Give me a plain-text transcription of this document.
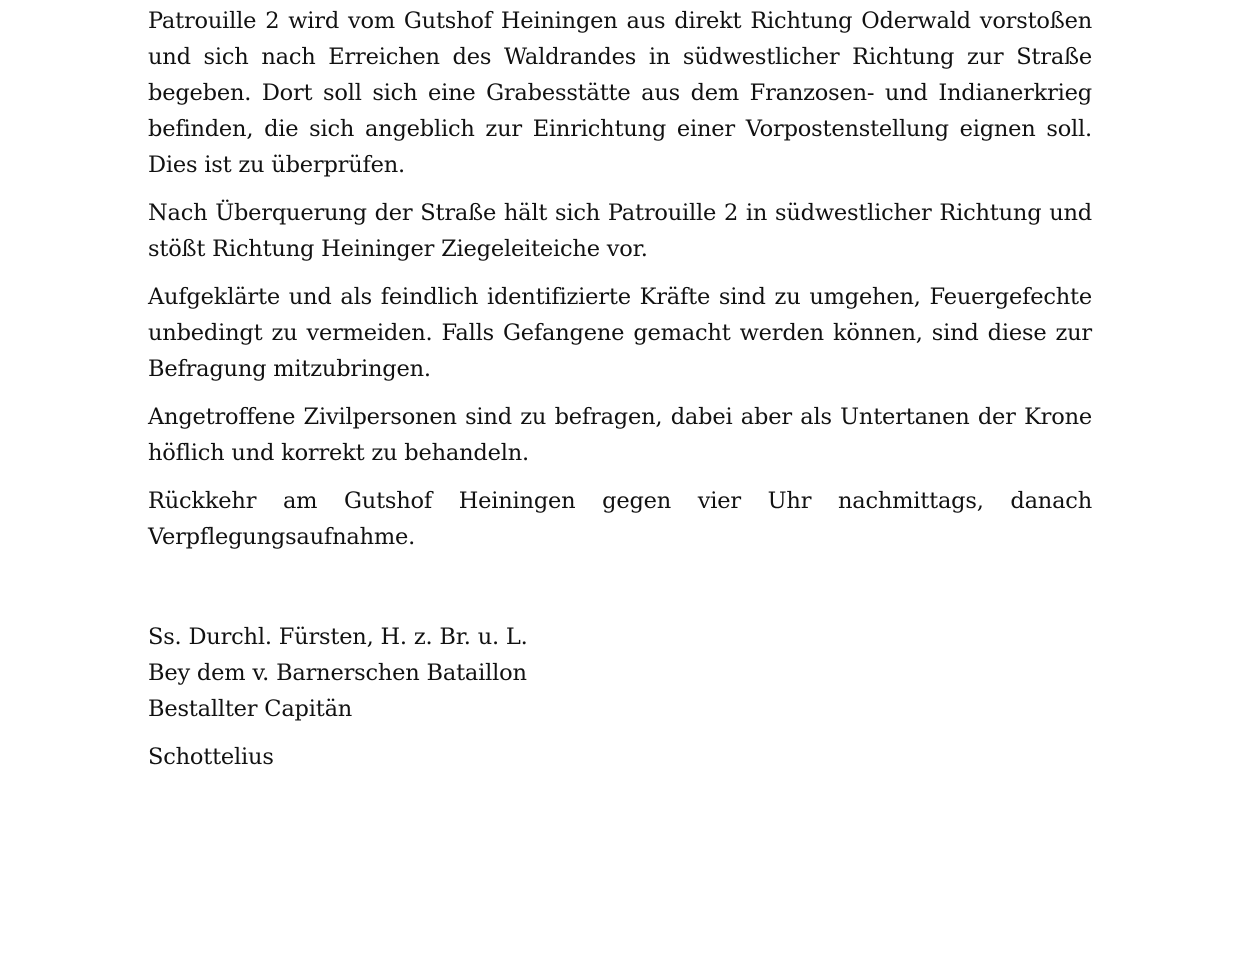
Patrouille 2 wird vom Gutshof Heiningen aus direkt Richtung Oderwald vorstoßen und sich nach Erreichen des Waldrandes in südwestlicher Richtung zur Straße begeben. Dort soll sich eine Grabesstätte aus dem Franzosen- und Indianerkrieg befinden, die sich angeblich zur Einrichtung einer Vorpostenstellung eignen soll. Dies ist zu überprüfen.

Nach Überquerung der Straße hält sich Patrouille 2 in südwestlicher Richtung und stößt Richtung Heininger Ziegeleiteiche vor.

Aufgeklärte und als feindlich identifizierte Kräfte sind zu umgehen, Feuergefechte unbedingt zu vermeiden. Falls Gefangene gemacht werden können, sind diese zur Befragung mitzubringen.

Angetroffene Zivilpersonen sind zu befragen, dabei aber als Untertanen der Krone höflich und korrekt zu behandeln.

Rückkehr am Gutshof Heiningen gegen vier Uhr nachmittags, danach Verpflegungsaufnahme.

Ss. Durchl. Fürsten, H. z. Br. u. L.
Bey dem v. Barnerschen Bataillon
Bestallter Capitän
Schottelius
